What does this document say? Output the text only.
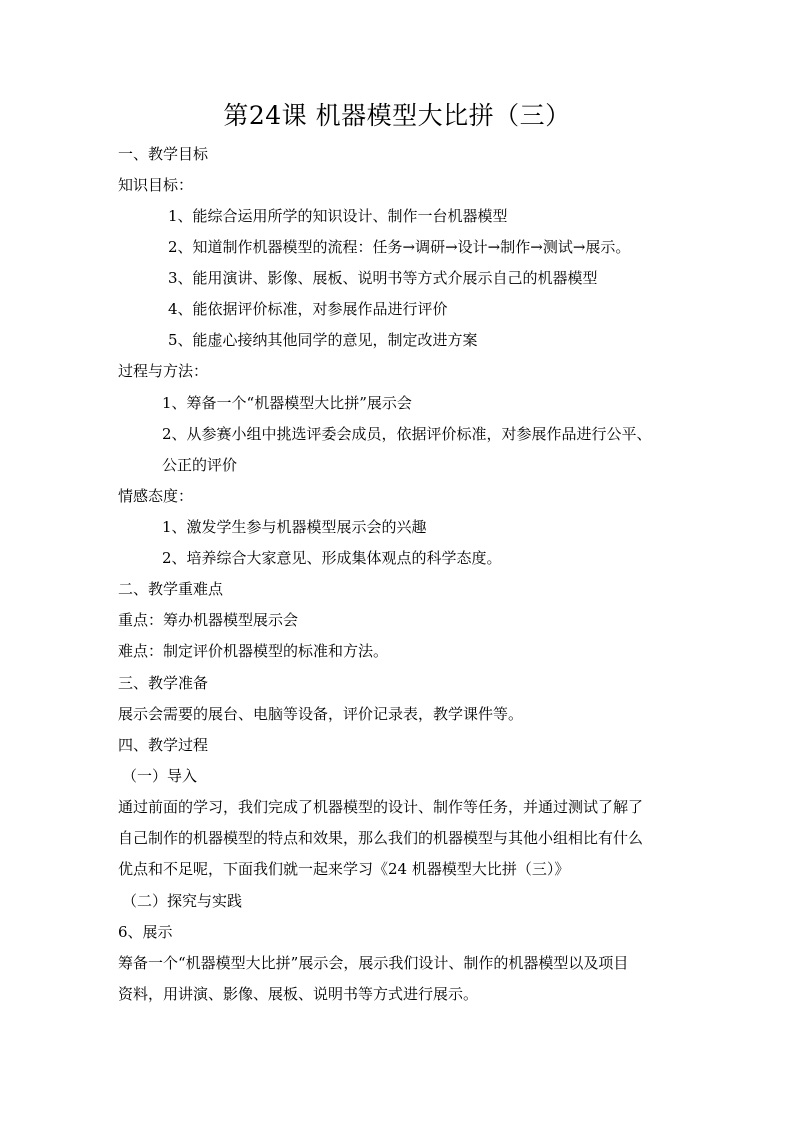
第24课 机器模型大比拼（三）
一、教学目标
知识目标：
1、能综合运用所学的知识设计、制作一台机器模型
2、知道制作机器模型的流程：任务→调研→设计→制作→测试→展示。
3、能用演讲、影像、展板、说明书等方式介展示自己的机器模型
4、能依据评价标准，对参展作品进行评价
5、能虚心接纳其他同学的意见，制定改进方案
过程与方法：
1、筹备一个“机器模型大比拼”展示会
2、从参赛小组中挑选评委会成员，依据评价标准，对参展作品进行公平、
公正的评价
情感态度：
1、激发学生参与机器模型展示会的兴趣
2、培养综合大家意见、形成集体观点的科学态度。
二、教学重难点
重点：筹办机器模型展示会
难点：制定评价机器模型的标准和方法。
三、教学准备
展示会需要的展台、电脑等设备，评价记录表，教学课件等。
四、教学过程
（一）导入
通过前面的学习，我们完成了机器模型的设计、制作等任务，并通过测试了解了
自己制作的机器模型的特点和效果，那么我们的机器模型与其他小组相比有什么
优点和不足呢，下面我们就一起来学习《24 机器模型大比拼（三）》
（二）探究与实践
6、展示
筹备一个“机器模型大比拼”展示会，展示我们设计、制作的机器模型以及项目
资料，用讲演、影像、展板、说明书等方式进行展示。
